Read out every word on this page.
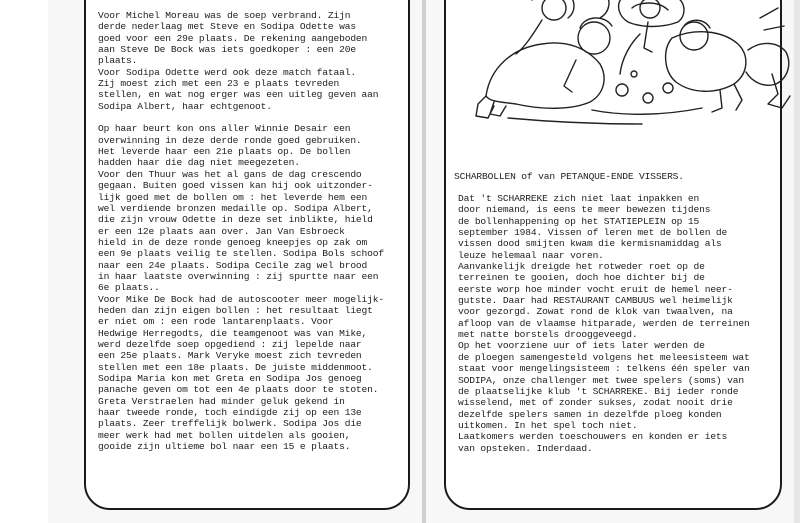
Voor Michel Moreau was de soep verbrand. Zijn
derde nederlaag met Steve en Sodipa Odette was
goed voor een 29e plaats. De rekening aangeboden
aan Steve De Bock was iets goedkoper : een 20e
plaats.
Voor Sodipa Odette werd ook deze match fataal.
Zij moest zich met een 23 e plaats tevreden
stellen, en wat nog erger was een uitleg geven aan
Sodipa Albert, haar echtgenoot.

Op haar beurt kon ons aller Winnie Desair een
overwinning in deze derde ronde goed gebruiken.
Het leverde haar een 21e plaats op. De bollen
hadden haar die dag niet meegezeten.
Voor den Thuur was het al gans de dag crescendo
gegaan. Buiten goed vissen kan hij ook uitzonder-
lijk goed met de bollen om : het leverde hem een
wel verdiende bronzen medaille op. Sodipa Albert,
die zijn vrouw Odette in deze set inblikte, hield
er een 12e plaats aan over. Jan Van Esbroeck
hield in de deze ronde genoeg kneepjes op zak om
een 9e plaats veilig te stellen. Sodipa Bols schoof
naar een 24e plaats. Sodipa Cecile zag wel brood
in haar laatste overwinning : zij spurtte naar een
6e plaats..
Voor Mike De Bock had de autoscooter meer mogelijk-
heden dan zijn eigen bollen : het resultaat liegt
er niet om : een rode lantarenplaats. Voor
Hedwige Herregodts, die teamgenoot was van Mike,
werd dezelfde soep opgediend : zij lepelde naar
een 25e plaats. Mark Veryke moest zich tevreden
stellen met een 18e plaats. De juiste middenmoot.
Sodipa Maria kon met Greta en Sodipa Jos genoeg
panache geven om tot een 4e plaats door te stoten.
Greta Verstraelen had minder geluk gekend in
haar tweede ronde, toch eindigde zij op een 13e
plaats. Zeer treffelijk bolwerk. Sodipa Jos die
meer werk had met bollen uitdelen als gooien,
gooide zijn ultieme bol naar een 15 e plaats.
SCHARBOLLEN of van PETANQUE-ENDE VISSERS.
Dat 't SCHARREKE zich niet laat inpakken en
door niemand, is eens te meer bewezen tijdens
de bollenhappening op het STATIEPLEIN op 15
september 1984. Vissen of leren met de bollen de
vissen dood smijten kwam die kermisnamiddag als
leuze helemaal naar voren.
Aanvankelijk dreigde het rotweder roet op de
terreinen te gooien, doch hoe dichter bij de
eerste worp hoe minder vocht eruit de hemel neer-
gutste. Daar had RESTAURANT CAMBUUS wel heimelijk
voor gezorgd. Zowat rond de klok van twaalven, na
afloop van de vlaamse hitparade, werden de terreinen
met natte borstels drooggeveegd.
Op het voorziene uur of iets later werden de
de ploegen samengesteld volgens het meleesisteem wat
staat voor mengelingsisteem : telkens één speler van
SODIPA, onze challenger met twee spelers (soms) van
de plaatselijke klub 't SCHARREKE. Bij ieder ronde
wisselend, met of zonder sukses, zodat nooit drie
dezelfde spelers samen in dezelfde ploeg konden
uitkomen. In het spel toch niet.
Laatkomers werden toeschouwers en konden er iets
van opsteken. Inderdaad.
